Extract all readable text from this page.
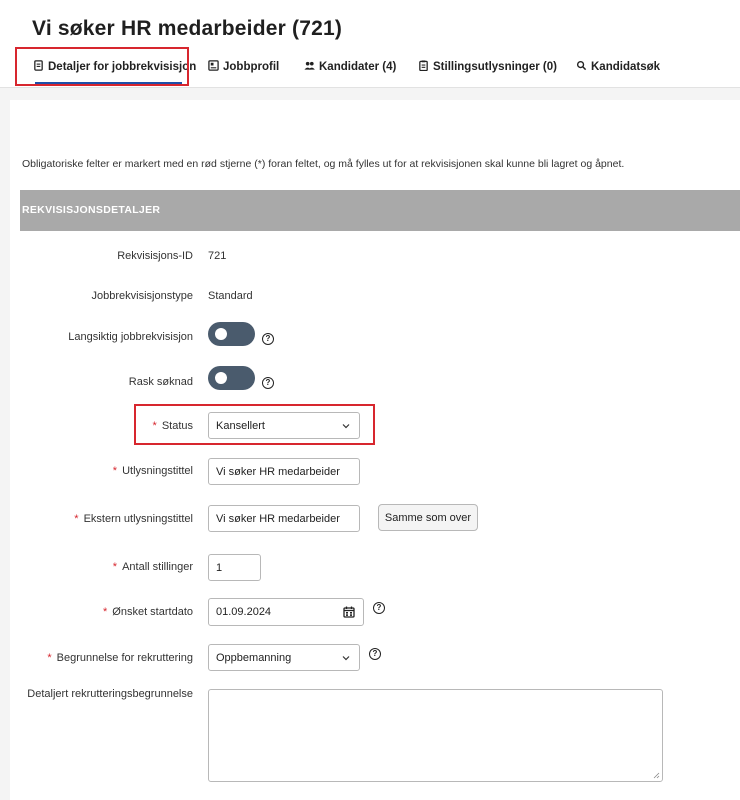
Vi søker HR medarbeider (721)
Detaljer for jobbrekvisisjon Jobbprofil	Kandidater (4)	Stillingsutlysninger (0)	Kandidatsøk
Obligatoriske felter er markert med en rød stjerne (*) foran feltet, og må fylles ut for at rekvisisjonen skal kunne bli lagret og åpnet.
REKVISISJONSDETALJER
Rekvisisjons-ID 721
Jobbrekvisisjonstype Standard
Langsiktig jobbrekvisisjon	?
Rask søknad	?
* Status Kansellert
* Utlysningstittel Vi søker HR medarbeider
* Ekstern utlysningstittel Vi søker HR medarbeider	Samme som over
* Antall stillinger 1
* Ønsket startdato 01.09.2024	?
* Begrunnelse for rekruttering Oppbemanning	?
Detaljert rekrutteringsbegrunnelse
